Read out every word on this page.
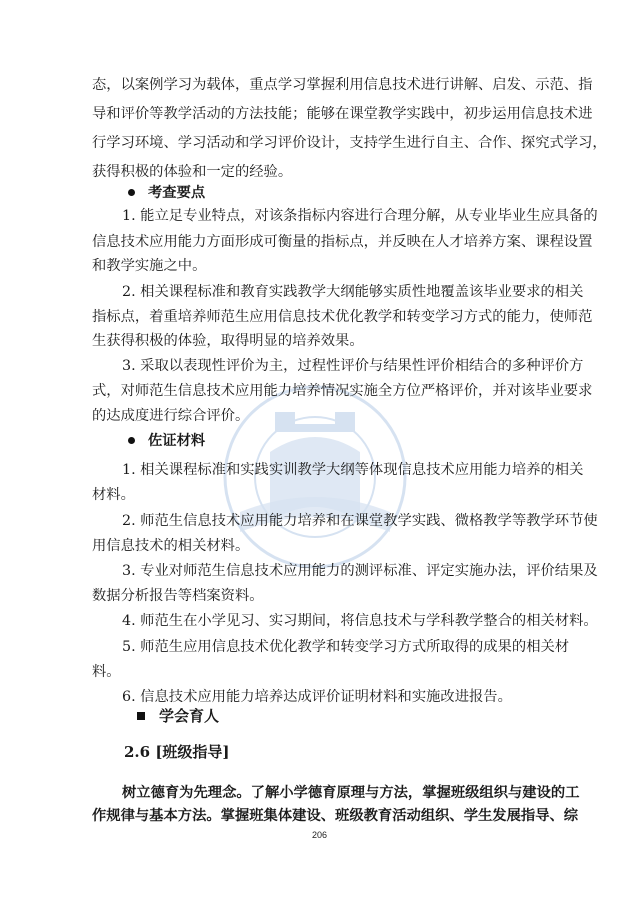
态，以案例学习为载体，重点学习掌握利用信息技术进行讲解、启发、示范、指
导和评价等教学活动的方法技能；能够在课堂教学实践中，初步运用信息技术进
行学习环境、学习活动和学习评价设计，支持学生进行自主、合作、探究式学习，
获得积极的体验和一定的经验。
考查要点
1. 能立足专业特点，对该条指标内容进行合理分解，从专业毕业生应具备的
信息技术应用能力方面形成可衡量的指标点，并反映在人才培养方案、课程设置
和教学实施之中。
2. 相关课程标准和教育实践教学大纲能够实质性地覆盖该毕业要求的相关
指标点，着重培养师范生应用信息技术优化教学和转变学习方式的能力，使师范
生获得积极的体验，取得明显的培养效果。
3. 采取以表现性评价为主，过程性评价与结果性评价相结合的多种评价方
式，对师范生信息技术应用能力培养情况实施全方位严格评价，并对该毕业要求
的达成度进行综合评价。
佐证材料
1. 相关课程标准和实践实训教学大纲等体现信息技术应用能力培养的相关
材料。
2. 师范生信息技术应用能力培养和在课堂教学实践、微格教学等教学环节使
用信息技术的相关材料。
3. 专业对师范生信息技术应用能力的测评标准、评定实施办法，评价结果及
数据分析报告等档案资料。
4. 师范生在小学见习、实习期间，将信息技术与学科教学整合的相关材料。
5. 师范生应用信息技术优化教学和转变学习方式所取得的成果的相关材
料。
6. 信息技术应用能力培养达成评价证明材料和实施改进报告。
学会育人
2.6 [班级指导]
树立德育为先理念。了解小学德育原理与方法，掌握班级组织与建设的工
作规律与基本方法。掌握班集体建设、班级教育活动组织、学生发展指导、综
206
